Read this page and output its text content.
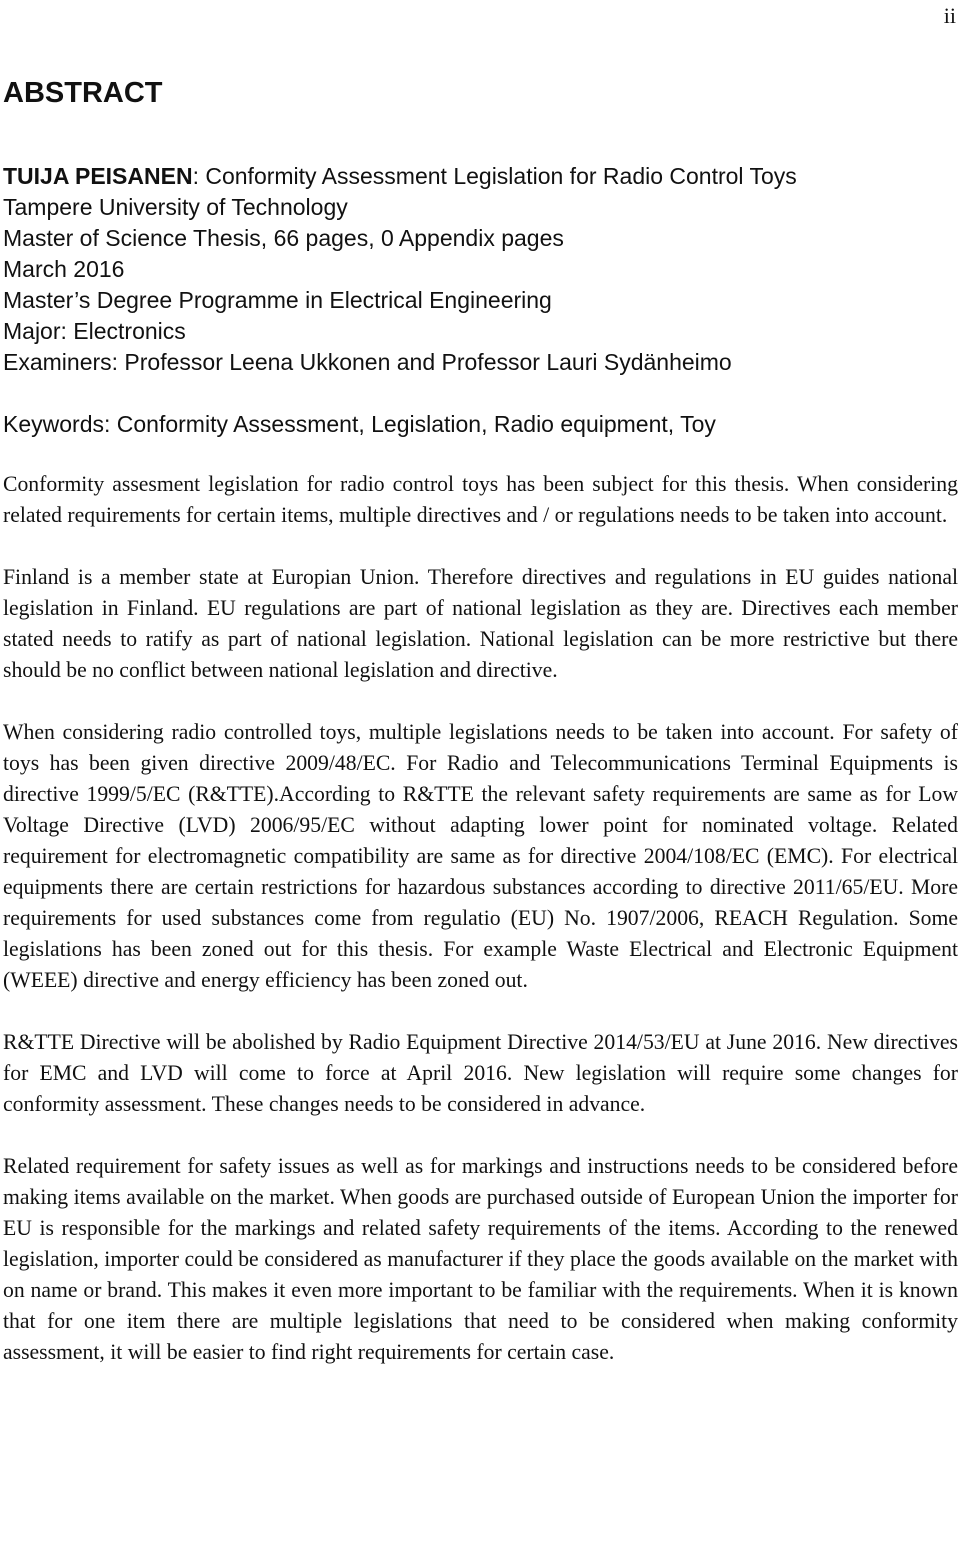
ii
ABSTRACT
TUIJA PEISANEN: Conformity Assessment Legislation for Radio Control Toys
Tampere University of Technology
Master of Science Thesis, 66 pages, 0 Appendix pages
March 2016
Master’s Degree Programme in Electrical Engineering
Major: Electronics
Examiners: Professor Leena Ukkonen and Professor Lauri Sydänheimo
Keywords: Conformity Assessment, Legislation, Radio equipment, Toy

Conformity assesment legislation for radio control toys has been subject for this thesis. When considering related requirements for certain items, multiple directives and / or regulations needs to be taken into account.

Finland is a member state at Europian Union. Therefore directives and regulations in EU guides national legislation in Finland. EU regulations are part of national legislation as they are. Directives each member stated needs to ratify as part of national legislation. National legislation can be more restrictive but there should be no conflict between national legislation and directive.

When considering radio controlled toys, multiple legislations needs to be taken into account. For safety of toys has been given directive 2009/48/EC. For Radio and Telecommunications Terminal Equipments is directive 1999/5/EC (R&TTE).According to R&TTE the relevant safety requirements are same as for Low Voltage Directive (LVD) 2006/95/EC without adapting lower point for nominated voltage. Related requirement for electromagnetic compatibility are same as for directive 2004/108/EC (EMC). For electrical equipments there are certain restrictions for hazardous substances according to directive 2011/65/EU. More requirements for used substances come from regulatio (EU) No. 1907/2006, REACH Regulation. Some legislations has been zoned out for this thesis. For example Waste Electrical and Electronic Equipment (WEEE) directive and energy efficiency has been zoned out.

R&TTE Directive will be abolished by Radio Equipment Directive 2014/53/EU at June 2016. New directives for EMC and LVD will come to force at April 2016. New legislation will require some changes for conformity assessment. These changes needs to be considered in advance.

Related requirement for safety issues as well as for markings and instructions needs to be considered before making items available on the market. When goods are purchased outside of European Union the importer for EU is responsible for the markings and related safety requirements of the items. According to the renewed legislation, importer could be considered as manufacturer if they place the goods available on the market with on name or brand. This makes it even more important to be familiar with the requirements. When it is known that for one item there are multiple legislations that need to be considered when making conformity assessment, it will be easier to find right requirements for certain case.
